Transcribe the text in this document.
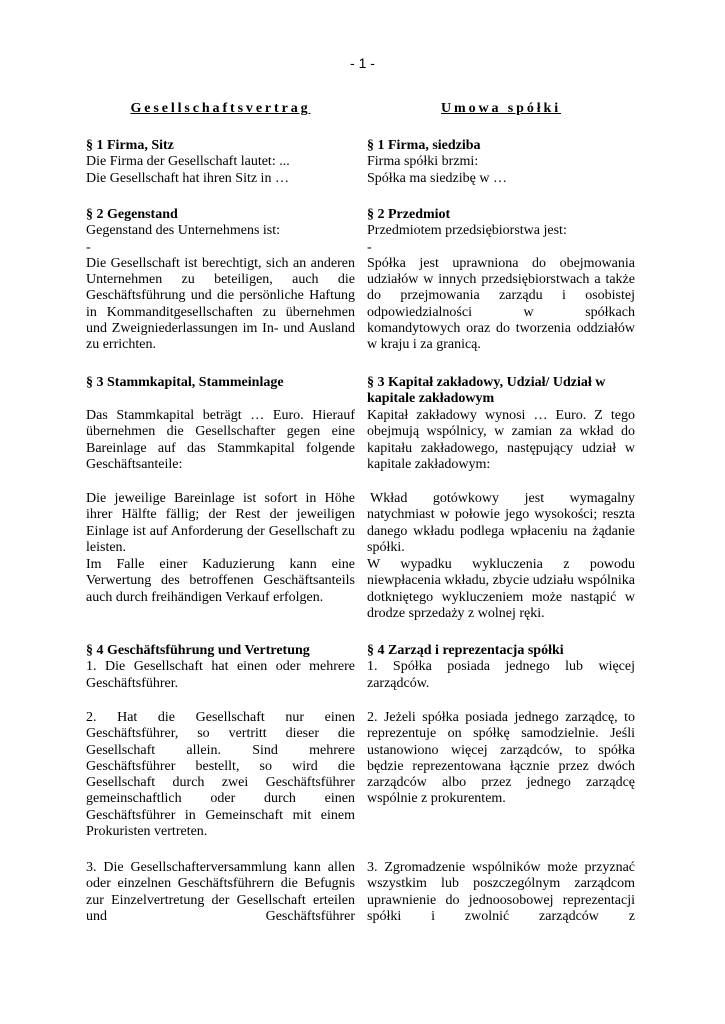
- 1 -
Gesellschaftsvertrag
§ 1 Firma, Sitz
Die Firma der Gesellschaft lautet: ...
Die Gesellschaft hat ihren Sitz in …
§ 2 Gegenstand
Gegenstand des Unternehmens ist:
-
Die Gesellschaft ist berechtigt, sich an anderen Unternehmen zu beteiligen, auch die Geschäftsführung und die persönliche Haftung in Kommanditgesellschaften zu übernehmen und Zweigniederlassungen im In- und Ausland zu errichten.
§ 3 Stammkapital, Stammeinlage
Das Stammkapital beträgt … Euro. Hierauf übernehmen die Gesellschafter gegen eine Bareinlage auf das Stammkapital folgende Geschäftsanteile:
Die jeweilige Bareinlage ist sofort in Höhe ihrer Hälfte fällig; der Rest der jeweiligen Einlage ist auf Anforderung der Gesellschaft zu leisten.
Im Falle einer Kaduzierung kann eine Verwertung des betroffenen Geschäftsanteils auch durch freihändigen Verkauf erfolgen.
§ 4 Geschäftsführung und Vertretung
1. Die Gesellschaft hat einen oder mehrere Geschäftsführer.
2. Hat die Gesellschaft nur einen Geschäftsführer, so vertritt dieser die Gesellschaft allein. Sind mehrere Geschäftsführer bestellt, so wird die Gesellschaft durch zwei Geschäftsführer gemeinschaftlich oder durch einen Geschäftsführer in Gemeinschaft mit einem Prokuristen vertreten.
3. Die Gesellschafterversammlung kann allen oder einzelnen Geschäftsführern die Befugnis zur Einzelvertretung der Gesellschaft erteilen und Geschäftsführer
Umowa spółki
§ 1 Firma, siedziba
Firma spółki brzmi:
Spółka ma siedzibę w …
§ 2 Przedmiot
Przedmiotem przedsiębiorstwa jest:
-
Spółka jest uprawniona do obejmowania udziałów w innych przedsiębiorstwach a także do przejmowania zarządu i osobistej odpowiedzialności w spółkach komandytowych oraz do tworzenia oddziałów w kraju i za granicą.
§ 3 Kapitał zakładowy, Udział/ Udział w kapitale zakładowym
Kapitał zakładowy wynosi … Euro. Z tego obejmują wspólnicy, w zamian za wkład do kapitału zakładowego, następujący udział w kapitale zakładowym:
Wkład gotówkowy jest wymagalny natychmiast w połowie jego wysokości; reszta danego wkładu podlega wpłaceniu na żądanie spółki.
W wypadku wykluczenia z powodu niewpłacenia wkładu, zbycie udziału wspólnika dotkniętego wykluczeniem może nastąpić w drodze sprzedaży z wolnej ręki.
§ 4 Zarząd i reprezentacja spółki
1. Spółka posiada jednego lub więcej zarządców.
2. Jeżeli spółka posiada jednego zarządcę, to reprezentuje on spółkę samodzielnie. Jeśli ustanowiono więcej zarządców, to spółka będzie reprezentowana łącznie przez dwóch zarządców albo przez jednego zarządcę wspólnie z prokurentem.
3. Zgromadzenie wspólników może przyznać wszystkim lub poszczególnym zarządcom uprawnienie do jednoosobowej reprezentacji spółki i zwolnić zarządców z
